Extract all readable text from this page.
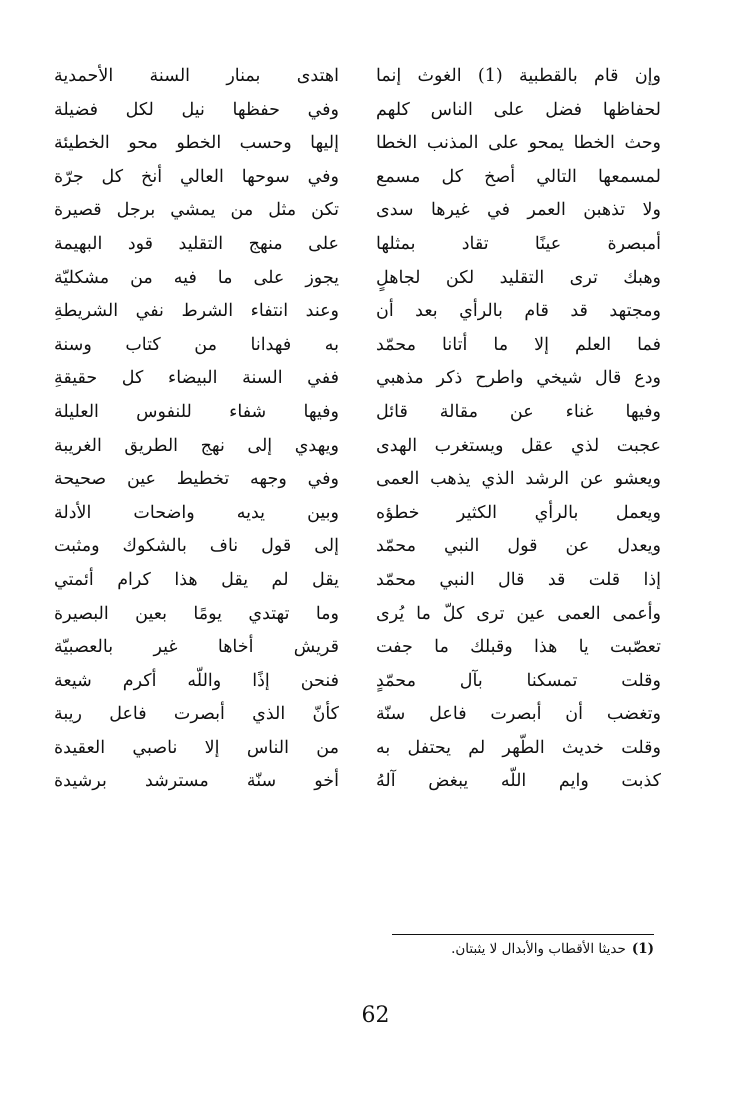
وإن قام بالقطبية (1) الغوث إنما
لحفاظها فضل على الناس كلهم
وحث الخطا يمحو على المذنب الخطا
لمسمعها التالي أصخ كل مسمع
ولا تذهبن العمر في غيرها سدى
أمبصرة عينًا تقاد بمثلها
وهبك ترى التقليد لكن لجاهلٍ
ومجتهد قد قام بالرأي بعد أن
فما العلم إلا ما أتانا محمّد
ودع قال شيخي واطرح ذكر مذهبي
وفيها غناء عن مقالة قائل
عجبت لذي عقل ويستغرب الهدى
ويعشو عن الرشد الذي يذهب العمى
ويعمل بالرأي الكثير خطؤه
ويعدل عن قول النبي محمّد
إذا قلت قد قال النبي محمّد
وأعمى العمى عين ترى كلّ ما يُرى
تعصّبت يا هذا وقبلك ما جفت
وقلت تمسكنا بآل محمّدٍ
وتغضب أن أبصرت فاعل سنّة
وقلت خديث الطّهر لم يحتفل به
كذبت وايم اللّه يبغض آلهُ
اهتدى بمنار السنة الأحمدية
وفي حفظها نيل لكل فضيلة
إليها وحسب الخطو محو الخطيئة
وفي سوحها العالي أنخ كل جرّة
تكن مثل من يمشي برجل قصيرة
على منهج التقليد قود البهيمة
يجوز على ما فيه من مشكليّة
وعند انتفاء الشرط نفي الشريطةِ
به فهدانا من كتاب وسنة
ففي السنة البيضاء كل حقيقةِ
وفيها شفاء للنفوس العليلة
ويهدي إلى نهج الطريق الغريبة
وفي وجهه تخطيط عين صحيحة
وبين يديه واضحات الأدلة
إلى قول ناف بالشكوك ومثبت
يقل لم يقل هذا كرام أئمتي
وما تهتدي يومًا بعين البصيرة
قريش أخاها غير بالعصبيّة
فنحن إذًا واللّه أكرم شيعة
كأنّ الذي أبصرت فاعل ريبة
من الناس إلا ناصبي العقيدة
أخو سنّة مسترشد برشيدة
(1)حديثا الأقطاب والأبدال لا يثبتان.
62
